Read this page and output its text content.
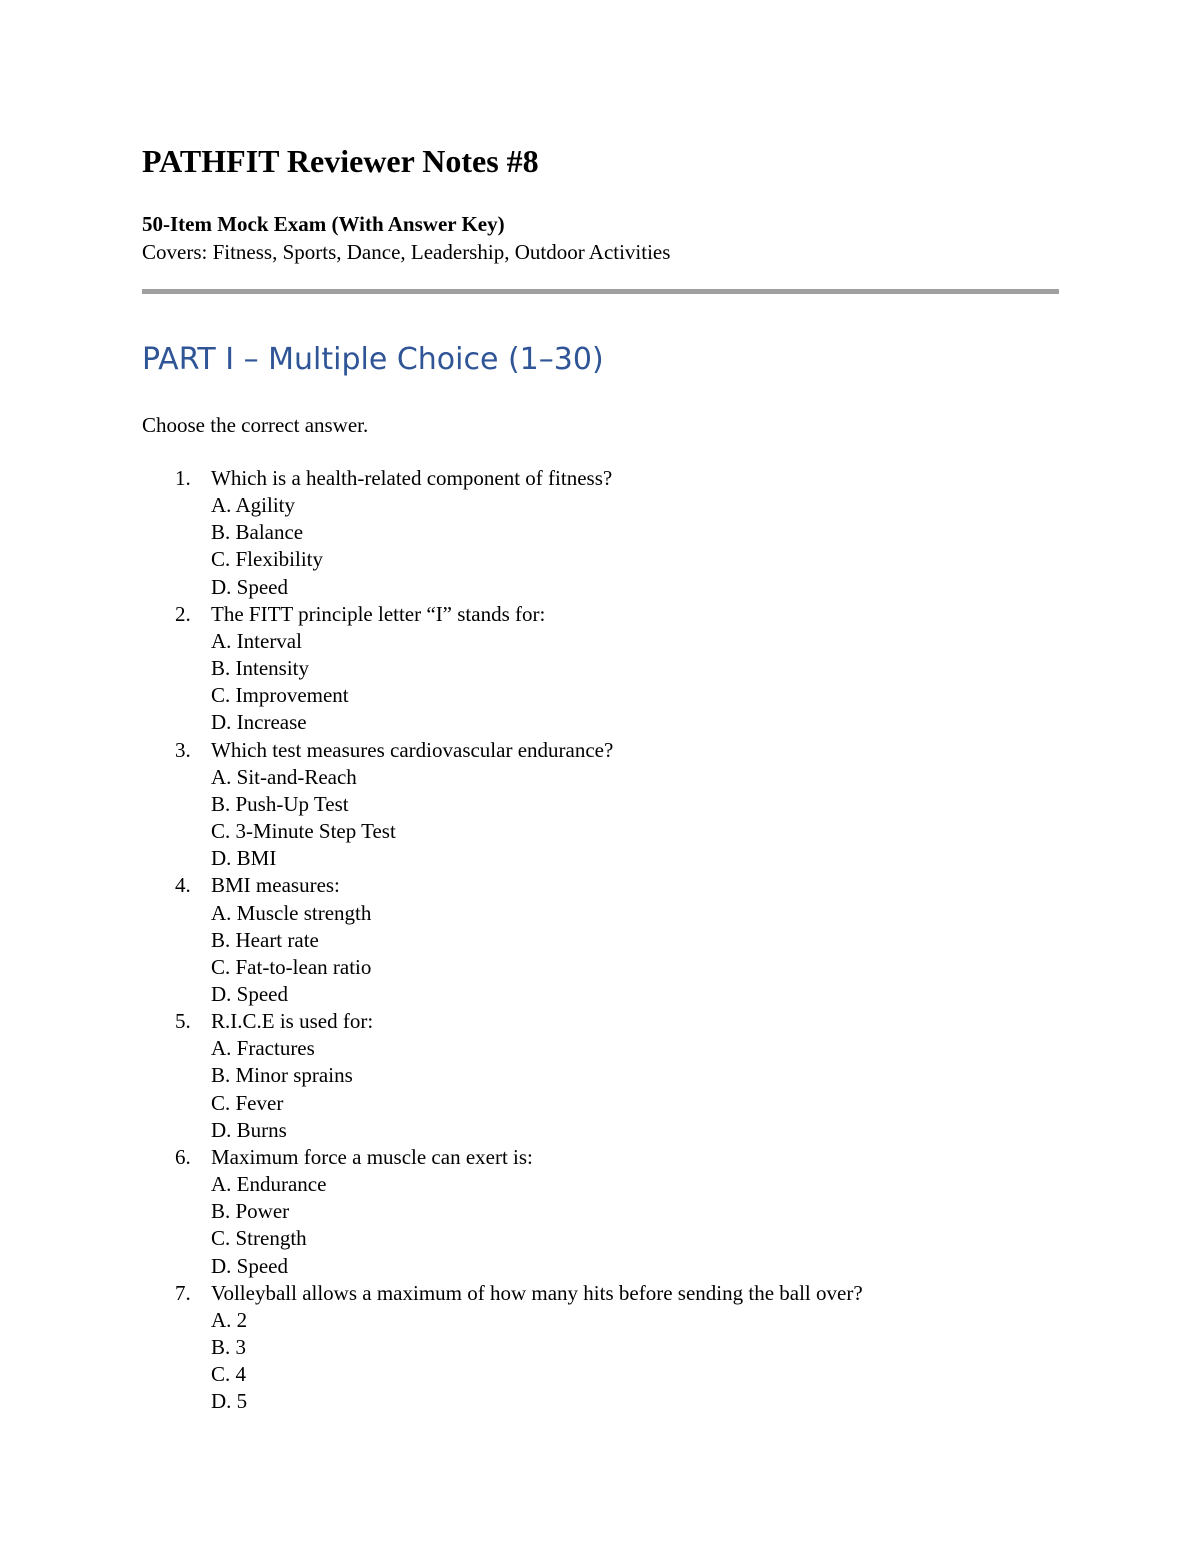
PATHFIT Reviewer Notes #8

50-Item Mock Exam (With Answer Key)

Covers: Fitness, Sports, Dance, Leadership, Outdoor Activities

PART I – Multiple Choice (1–30)

Choose the correct answer.

1. Which is a health-related component of fitness?
A. Agility
B. Balance
C. Flexibility
D. Speed
2. The FITT principle letter “I” stands for:
A. Interval
B. Intensity
C. Improvement
D. Increase
3. Which test measures cardiovascular endurance?
A. Sit-and-Reach
B. Push-Up Test
C. 3-Minute Step Test
D. BMI
4. BMI measures:
A. Muscle strength
B. Heart rate
C. Fat-to-lean ratio
D. Speed
5. R.I.C.E is used for:
A. Fractures
B. Minor sprains
C. Fever
D. Burns
6. Maximum force a muscle can exert is:
A. Endurance
B. Power
C. Strength
D. Speed
7. Volleyball allows a maximum of how many hits before sending the ball over?
A. 2
B. 3
C. 4
D. 5
